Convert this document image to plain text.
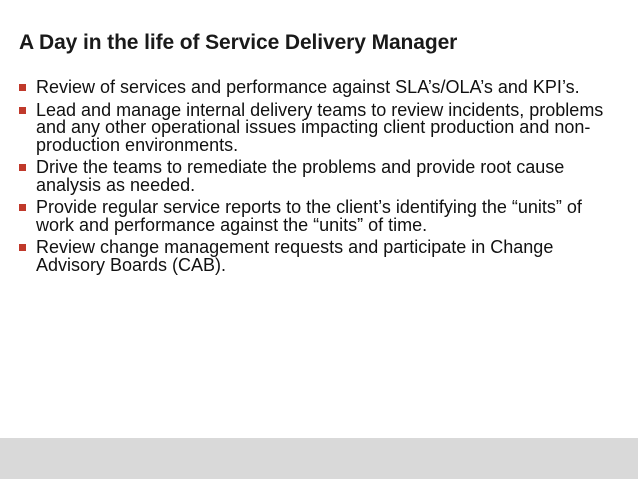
A Day in the life of Service Delivery Manager
Review of services and performance against SLA’s/OLA’s and KPI’s.
Lead and manage internal delivery teams to review incidents, problems and any other operational issues impacting client production and non-production environments.
Drive the teams to remediate the problems and provide root cause analysis as needed.
Provide regular service reports to the client’s identifying the “units” of work and performance against the “units” of time.
Review change management requests and participate in Change Advisory Boards (CAB).
